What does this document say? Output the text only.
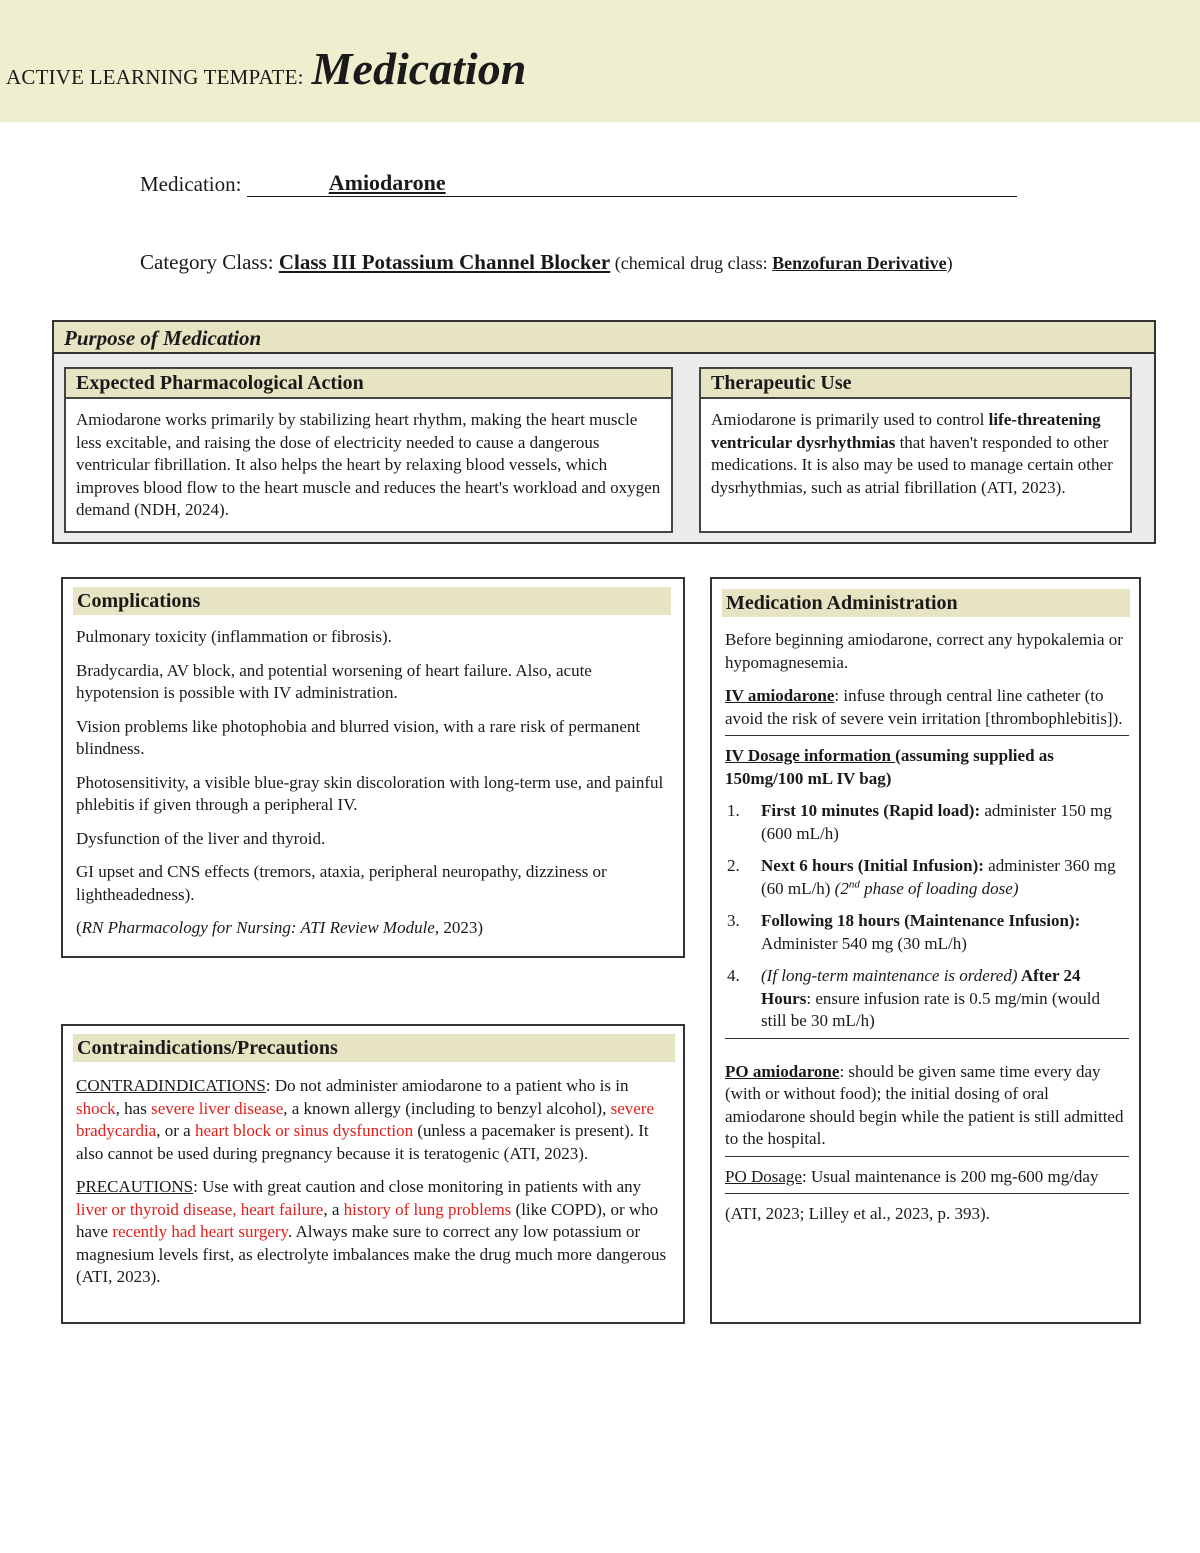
ACTIVE LEARNING TEMPATE: Medication
Medication:	Amiodarone
Category Class: Class III Potassium Channel Blocker (chemical drug class: Benzofuran Derivative)
Purpose of Medication
Expected Pharmacological Action
Amiodarone works primarily by stabilizing heart rhythm, making the heart muscle less excitable, and raising the dose of electricity needed to cause a dangerous ventricular fibrillation. It also helps the heart by relaxing blood vessels, which improves blood flow to the heart muscle and reduces the heart's workload and oxygen demand (NDH, 2024).
Therapeutic Use
Amiodarone is primarily used to control life-threatening ventricular dysrhythmias that haven't responded to other medications. It is also may be used to manage certain other dysrhythmias, such as atrial fibrillation (ATI, 2023).
Complications

Pulmonary toxicity (inflammation or fibrosis).

Bradycardia, AV block, and potential worsening of heart failure. Also, acute hypotension is possible with IV administration.

Vision problems like photophobia and blurred vision, with a rare risk of permanent blindness.

Photosensitivity, a visible blue-gray skin discoloration with long-term use, and painful phlebitis if given through a peripheral IV.

Dysfunction of the liver and thyroid.

GI upset and CNS effects (tremors, ataxia, peripheral neuropathy, dizziness or lightheadedness).

(RN Pharmacology for Nursing: ATI Review Module, 2023)

Contraindications/Precautions

CONTRADINDICATIONS: Do not administer amiodarone to a patient who is in shock, has severe liver disease, a known allergy (including to benzyl alcohol), severe bradycardia, or a heart block or sinus dysfunction (unless a pacemaker is present). It also cannot be used during pregnancy because it is teratogenic (ATI, 2023).

PRECAUTIONS: Use with great caution and close monitoring in patients with any liver or thyroid disease, heart failure, a history of lung problems (like COPD), or who have recently had heart surgery. Always make sure to correct any low potassium or magnesium levels first, as electrolyte imbalances make the drug much more dangerous (ATI, 2023).

Medication Administration

Before beginning amiodarone, correct any hypokalemia or hypomagnesemia.

IV amiodarone: infuse through central line catheter (to avoid the risk of severe vein irritation [thrombophlebitis]).

IV Dosage information (assuming supplied as 150mg/100 mL IV bag)

1. First 10 minutes (Rapid load): administer 150 mg (600 mL/h)
2. Next 6 hours (Initial Infusion): administer 360 mg (60 mL/h) (2nd phase of loading dose)
3. Following 18 hours (Maintenance Infusion): Administer 540 mg (30 mL/h)
4. (If long-term maintenance is ordered) After 24 Hours: ensure infusion rate is 0.5 mg/min (would still be 30 mL/h)

PO amiodarone: should be given same time every day (with or without food); the initial dosing of oral amiodarone should begin while the patient is still admitted to the hospital.

PO Dosage: Usual maintenance is 200 mg-600 mg/day

(ATI, 2023; Lilley et al., 2023, p. 393).
